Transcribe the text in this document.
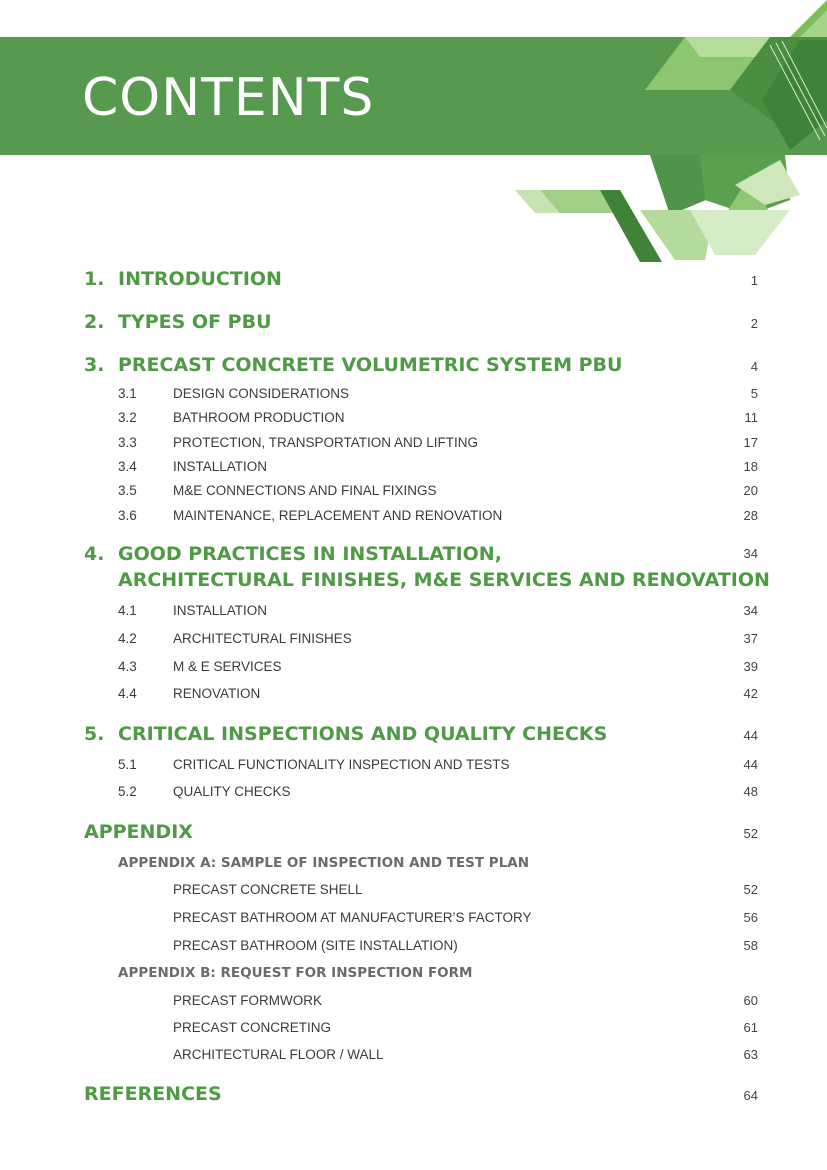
CONTENTS
1. INTRODUCTION	1
2. TYPES OF PBU	2
3. PRECAST CONCRETE VOLUMETRIC SYSTEM PBU	4
3.1	DESIGN CONSIDERATIONS	5
3.2	BATHROOM PRODUCTION	11
3.3	PROTECTION, TRANSPORTATION AND LIFTING	17
3.4	INSTALLATION	18
3.5	M&E CONNECTIONS AND FINAL FIXINGS	20
3.6	MAINTENANCE, REPLACEMENT AND RENOVATION	28
4. GOOD PRACTICES IN INSTALLATION,	34
ARCHITECTURAL FINISHES, M&E SERVICES AND RENOVATION
4.1	INSTALLATION	34
4.2	ARCHITECTURAL FINISHES	37
4.3	M & E SERVICES	39
4.4	RENOVATION	42
5. CRITICAL INSPECTIONS AND QUALITY CHECKS	44
5.1	CRITICAL FUNCTIONALITY INSPECTION AND TESTS	44
5.2	QUALITY CHECKS	48
APPENDIX	52
APPENDIX A: SAMPLE OF INSPECTION AND TEST PLAN
PRECAST CONCRETE SHELL	52
PRECAST BATHROOM AT MANUFACTURER’S FACTORY	56
PRECAST BATHROOM (SITE INSTALLATION)	58
APPENDIX B: REQUEST FOR INSPECTION FORM
PRECAST FORMWORK	60
PRECAST CONCRETING	61
ARCHITECTURAL FLOOR / WALL	63
REFERENCES	64
